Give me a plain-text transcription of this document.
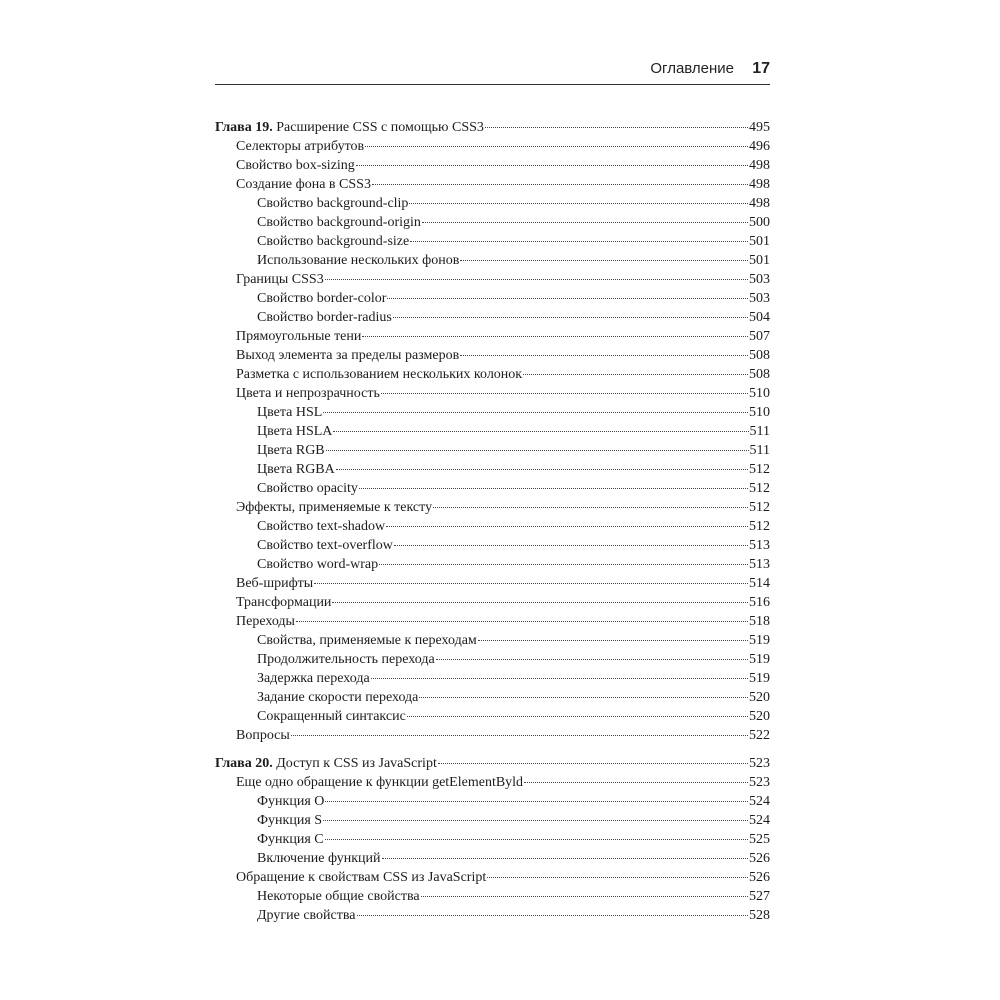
Оглавление 17
Глава 19. Расширение CSS с помощью CSS3	495
Селекторы атрибутов	496
Свойство box-sizing	498
Создание фона в CSS3	498
Свойство background-clip	498
Свойство background-origin	500
Свойство background-size	501
Использование нескольких фонов	501
Границы CSS3	503
Свойство border-color	503
Свойство border-radius	504
Прямоугольные тени	507
Выход элемента за пределы размеров	508
Разметка с использованием нескольких колонок	508
Цвета и непрозрачность	510
Цвета HSL	510
Цвета HSLA	511
Цвета RGB	511
Цвета RGBA	512
Свойство opacity	512
Эффекты, применяемые к тексту	512
Свойство text-shadow	512
Свойство text-overflow	513
Свойство word-wrap	513
Веб-шрифты	514
Трансформации	516
Переходы	518
Свойства, применяемые к переходам	519
Продолжительность перехода	519
Задержка перехода	519
Задание скорости перехода	520
Сокращенный синтаксис	520
Вопросы	522
Глава 20. Доступ к CSS из JavaScript	523
Еще одно обращение к функции getElementByld	523
Функция О	524
Функция S	524
Функция С	525
Включение функций	526
Обращение к свойствам CSS из JavaScript	526
Некоторые общие свойства	527
Другие свойства	528
